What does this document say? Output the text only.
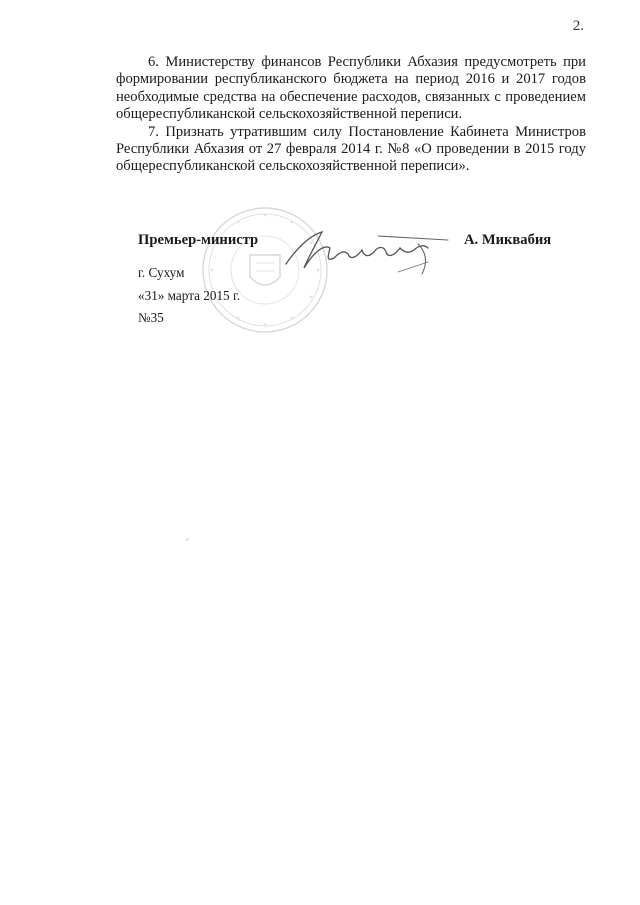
2.

6. Министерству финансов Республики Абхазия предусмотреть при формировании республиканского бюджета на период 2016 и 2017 годов необходимые средства на обеспечение расходов, связанных с проведением общереспубликанской сельскохозяйственной переписи.

7. Признать утратившим силу Постановление Кабинета Министров Республики Абхазия от 27 февраля 2014 г. №8 «О проведении в 2015 году общереспубликанской сельскохозяйственной переписи».

Премьер-министр	А. Миквабия
г. Сухум
«31» марта 2015 г.
№35
